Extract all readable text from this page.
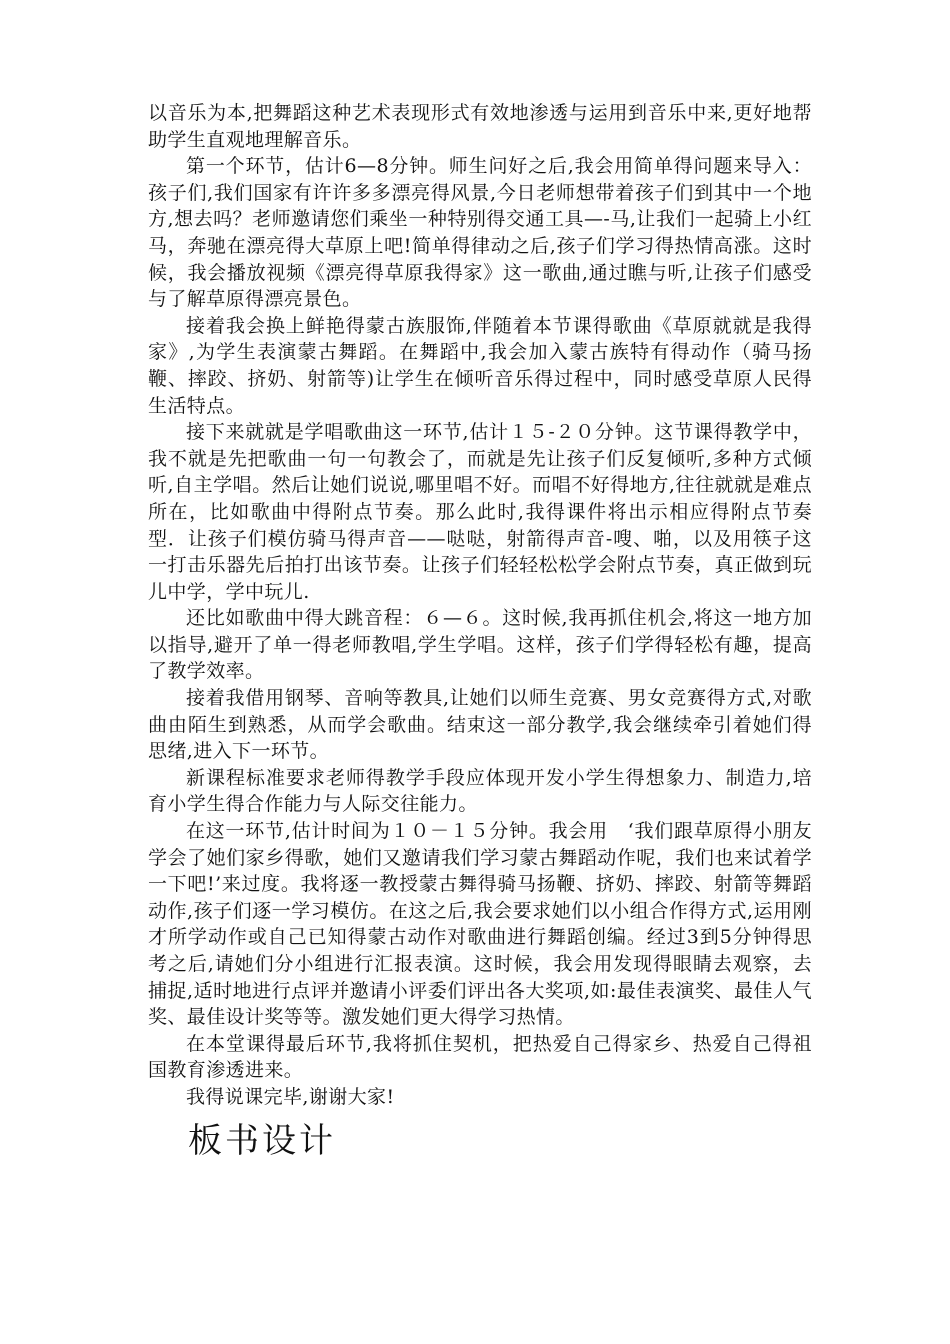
以音乐为本,把舞蹈这种艺术表现形式有效地渗透与运用到音乐中来,更好地帮助学生直观地理解音乐。

第一个环节，估计6—8分钟。师生问好之后,我会用简单得问题来导入：孩子们,我们国家有许许多多漂亮得风景,今日老师想带着孩子们到其中一个地方,想去吗？老师邀请您们乘坐一种特别得交通工具—-马,让我们一起骑上小红马，奔驰在漂亮得大草原上吧!简单得律动之后,孩子们学习得热情高涨。这时候，我会播放视频《漂亮得草原我得家》这一歌曲,通过瞧与听,让孩子们感受与了解草原得漂亮景色。

接着我会换上鲜艳得蒙古族服饰,伴随着本节课得歌曲《草原就就是我得家》,为学生表演蒙古舞蹈。在舞蹈中,我会加入蒙古族特有得动作（骑马扬鞭、摔跤、挤奶、射箭等)让学生在倾听音乐得过程中，同时感受草原人民得生活特点。

接下来就就是学唱歌曲这一环节,估计１５-２０分钟。这节课得教学中，我不就是先把歌曲一句一句教会了，而就是先让孩子们反复倾听,多种方式倾听,自主学唱。然后让她们说说,哪里唱不好。而唱不好得地方,往往就就是难点所在，比如歌曲中得附点节奏。那么此时,我得课件将出示相应得附点节奏型．让孩子们模仿骑马得声音——哒哒，射箭得声音-嗖、啪，以及用筷子这一打击乐器先后拍打出该节奏。让孩子们轻轻松松学会附点节奏，真正做到玩儿中学，学中玩儿.

还比如歌曲中得大跳音程：６—６。这时候,我再抓住机会,将这一地方加以指导,避开了单一得老师教唱,学生学唱。这样，孩子们学得轻松有趣，提高了教学效率。

接着我借用钢琴、音响等教具,让她们以师生竞赛、男女竞赛得方式,对歌曲由陌生到熟悉，从而学会歌曲。结束这一部分教学,我会继续牵引着她们得思绪,进入下一环节。

新课程标准要求老师得教学手段应体现开发小学生得想象力、制造力,培育小学生得合作能力与人际交往能力。

在这一环节,估计时间为１０－１５分钟。我会用　‘我们跟草原得小朋友学会了她们家乡得歌，她们又邀请我们学习蒙古舞蹈动作呢，我们也来试着学一下吧!’来过度。我将逐一教授蒙古舞得骑马扬鞭、挤奶、摔跤、射箭等舞蹈动作,孩子们逐一学习模仿。在这之后,我会要求她们以小组合作得方式,运用刚才所学动作或自己已知得蒙古动作对歌曲进行舞蹈创编。经过3到5分钟得思考之后,请她们分小组进行汇报表演。这时候，我会用发现得眼睛去观察，去捕捉,适时地进行点评并邀请小评委们评出各大奖项,如:最佳表演奖、最佳人气奖、最佳设计奖等等。激发她们更大得学习热情。

在本堂课得最后环节,我将抓住契机，把热爱自己得家乡、热爱自己得祖国教育渗透进来。

我得说课完毕,谢谢大家!

板书设计
